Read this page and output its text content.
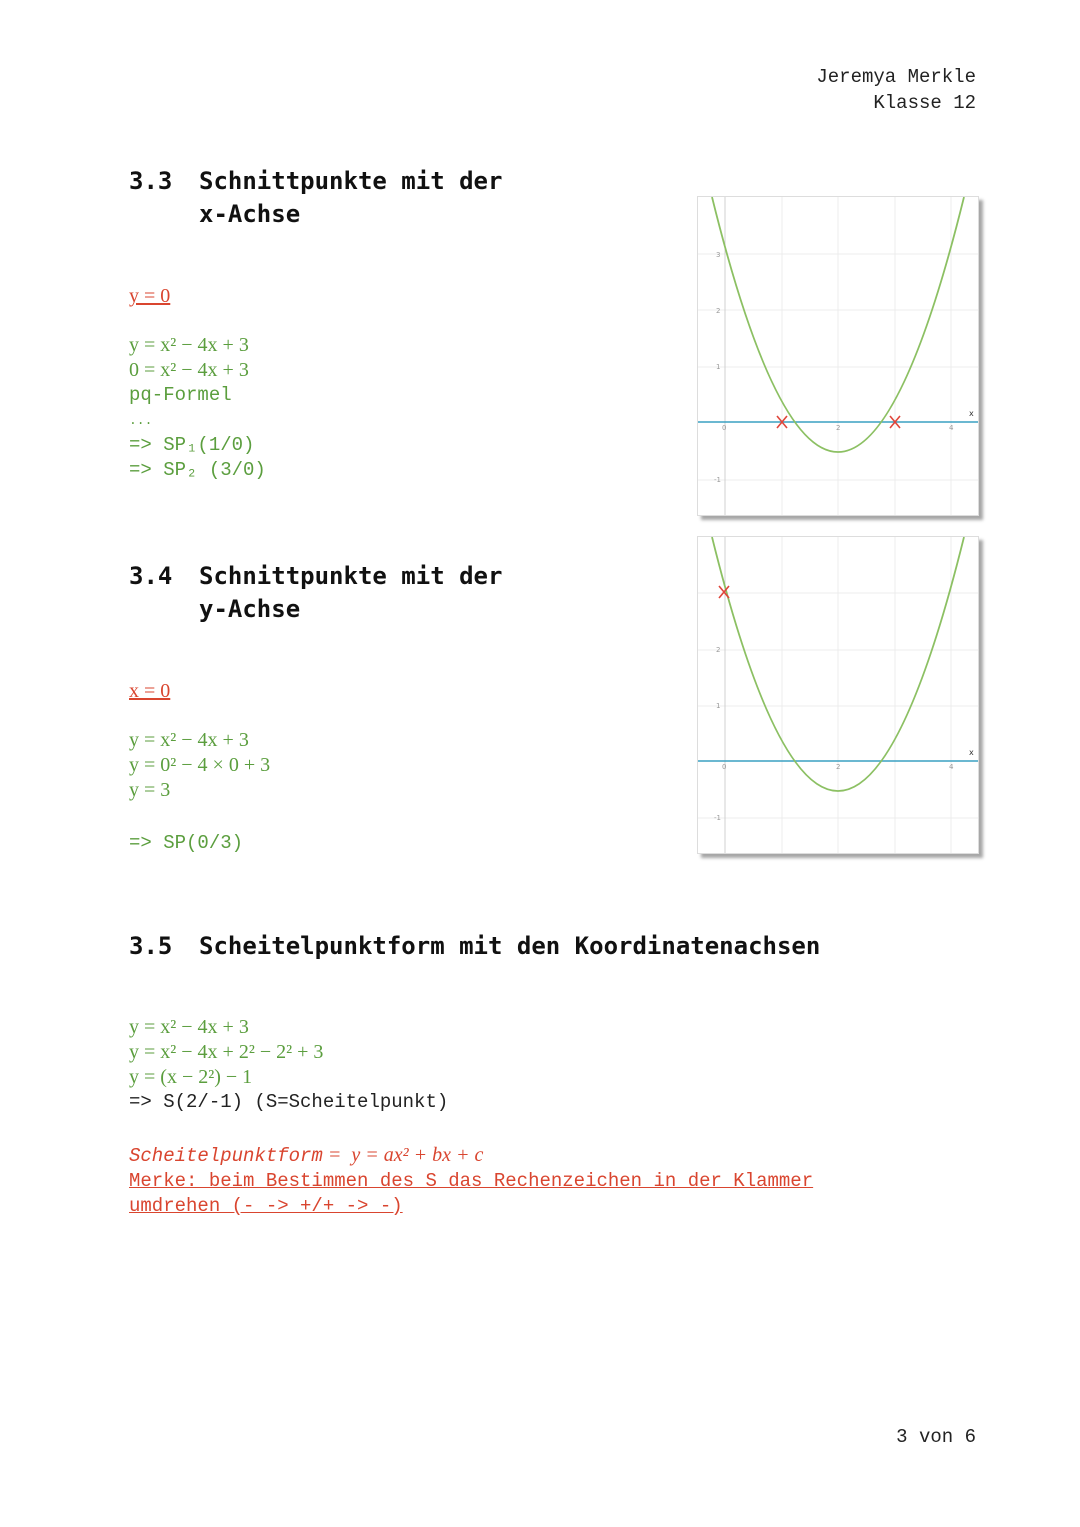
Jeremya Merkle
Klasse 12
3.3 Schnittpunkte mit der
x-Achse
y = 0
y = x² − 4x + 3
0 = x² − 4x + 3
pq-Formel
...
=> SP₁(1/0)
=> SP₂ (3/0)
0	2	4
3
2
1
-1
x
3.4 Schnittpunkte mit der
y-Achse
x = 0
y = x² − 4x + 3
y = 0² − 4 × 0 + 3
y = 3
=> SP(0/3)
0	2	4
2
1
-1
x
3.5 Scheitelpunktform mit den Koordinatenachsen
y = x² − 4x + 3
y = x² − 4x + 2² − 2² + 3
y = (x − 2²) − 1
=> S(2/-1) (S=Scheitelpunkt)
Scheitelpunktform =  y = ax² + bx + c
Merke: beim Bestimmen des S das Rechenzeichen in der Klammer
umdrehen (- -> +/+ -> -)
3 von 6
